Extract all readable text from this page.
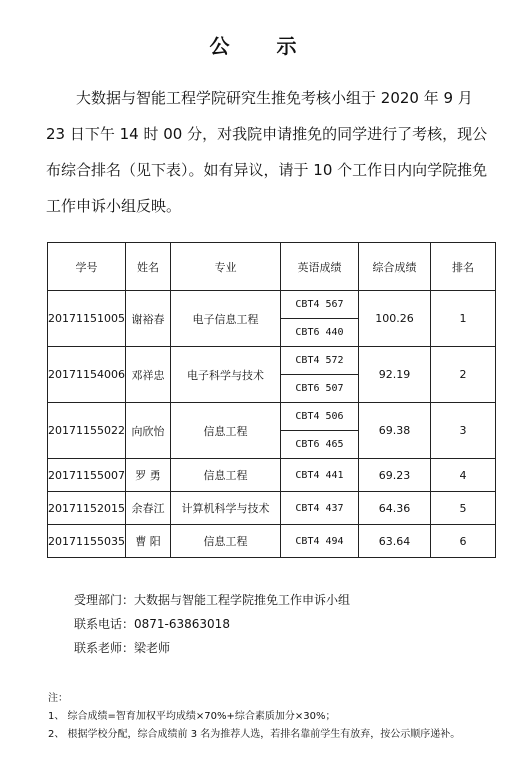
公 示
大数据与智能工程学院研究生推免考核小组于 2020 年 9 月 23 日下午 14 时 00 分，对我院申请推免的同学进行了考核，现公布综合排名（见下表）。如有异议，请于 10 个工作日内向学院推免工作申诉小组反映。
学号	姓名	专业	英语成绩	综合成绩	排名
20171151005	谢裕春	电子信息工程	CBT4 567	100.26	1
			CBT6 440		
20171154006	邓祥忠	电子科学与技术	CBT4 572	92.19	2
			CBT6 507		
20171155022	向欣怡	信息工程	CBT4 506	69.38	3
			CBT6 465		
20171155007	罗 勇	信息工程	CBT4 441	69.23	4
20171152015	余春江	计算机科学与技术	CBT4 437	64.36	5
20171155035	曹 阳	信息工程	CBT4 494	63.64	6
受理部门：大数据与智能工程学院推免工作申诉小组
联系电话：0871-63863018
联系老师：梁老师
注：
1、 综合成绩=智育加权平均成绩×70%+综合素质加分×30%；
2、 根据学校分配，综合成绩前 3 名为推荐人选，若排名靠前学生有放弃，按公示顺序递补。
